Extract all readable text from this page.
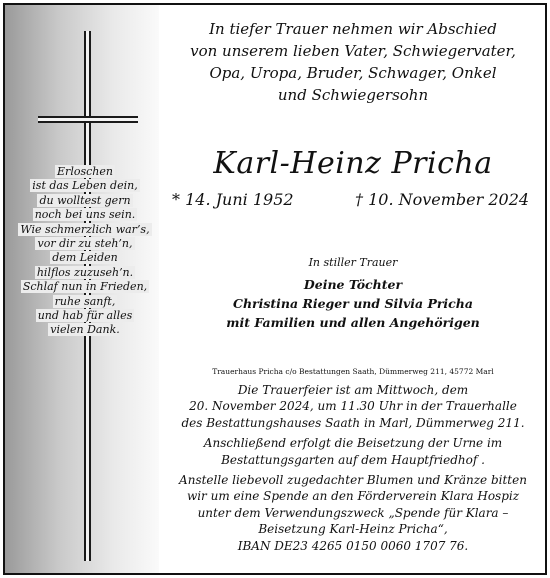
Erloschen
ist das Leben dein,
du wolltest gern
noch bei uns sein.
Wie schmerzlich war’s,
vor dir zu steh’n,
dem Leiden
hilflos zuzuseh’n.
Schlaf nun in Frieden,
ruhe sanft,
und hab für alles
vielen Dank.
In tiefer Trauer nehmen wir Abschied
von unserem lieben Vater, Schwiegervater,
Opa, Uropa, Bruder, Schwager, Onkel
und Schwiegersohn
Karl-Heinz Pricha
* 14. Juni 1952	† 10. November 2024
In stiller Trauer
Deine Töchter
Christina Rieger und Silvia Pricha
mit Familien und allen Angehörigen
Trauerhaus Pricha c/o Bestattungen Saath, Dümmerweg 211, 45772 Marl
Die Trauerfeier ist am Mittwoch, dem
20. November 2024, um 11.30 Uhr in der Trauerhalle
des Bestattungshauses Saath in Marl, Dümmerweg 211.
Anschließend erfolgt die Beisetzung der Urne im
Bestattungsgarten auf dem Hauptfriedhof .
Anstelle liebevoll zugedachter Blumen und Kränze bitten
wir um eine Spende an den Förderverein Klara Hospiz
unter dem Verwendungszweck „Spende für Klara –
Beisetzung Karl-Heinz Pricha“,
IBAN DE23 4265 0150 0060 1707 76.
